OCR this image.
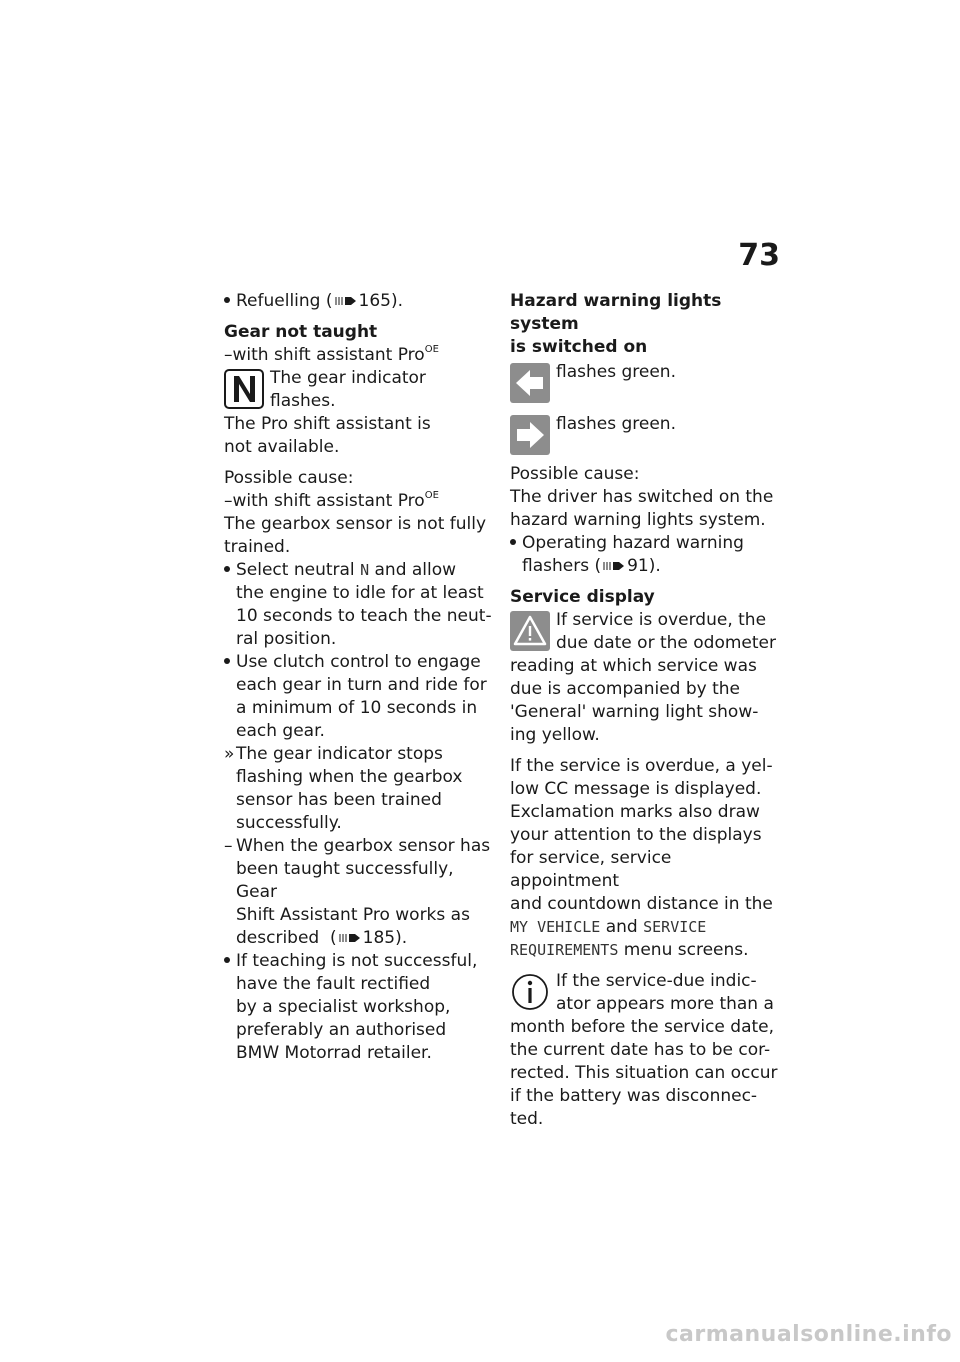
73
Refuelling ( 165).
Gear not taught
–with shift assistant Pro$^{OE}$

The gear indicator flashes.

The Pro shift assistant is

not available.

Possible cause:

–with shift assistant Pro$^{OE}$

The gearbox sensor is not fully

trained.

Select neutral N and allow
the engine to idle for at least
10 seconds to teach the neut-
ral position.
Use clutch control to engage
each gear in turn and ride for
a minimum of 10 seconds in
each gear.
» The gear indicator stops
flashing when the gearbox
sensor has been trained
successfully.
– When the gearbox sensor has
been taught successfully, Gear
Shift Assistant Pro works as
described  ( 185).
If teaching is not successful,
have the fault rectified
by a specialist workshop,
preferably an authorised
BMW Motorrad retailer.
Hazard warning lights system
is switched on

flashes green.

flashes green.

Possible cause:

The driver has switched on the

hazard warning lights system.

Operating hazard warning
flashers ( 91).
Service display

If service is overdue, the

due date or the odometer

reading at which service was

due is accompanied by the

'General' warning light show-

ing yellow.

If the service is overdue, a yel-

low CC message is displayed.

Exclamation marks also draw

your attention to the displays

for service, service appointment

and countdown distance in the

MY VEHICLE and SERVICE

REQUIREMENTS menu screens.

If the service-due indic-

ator appears more than a

month before the service date,

the current date has to be cor-

rected. This situation can occur

if the battery was disconnec-

ted.

carmanualsonline.info
